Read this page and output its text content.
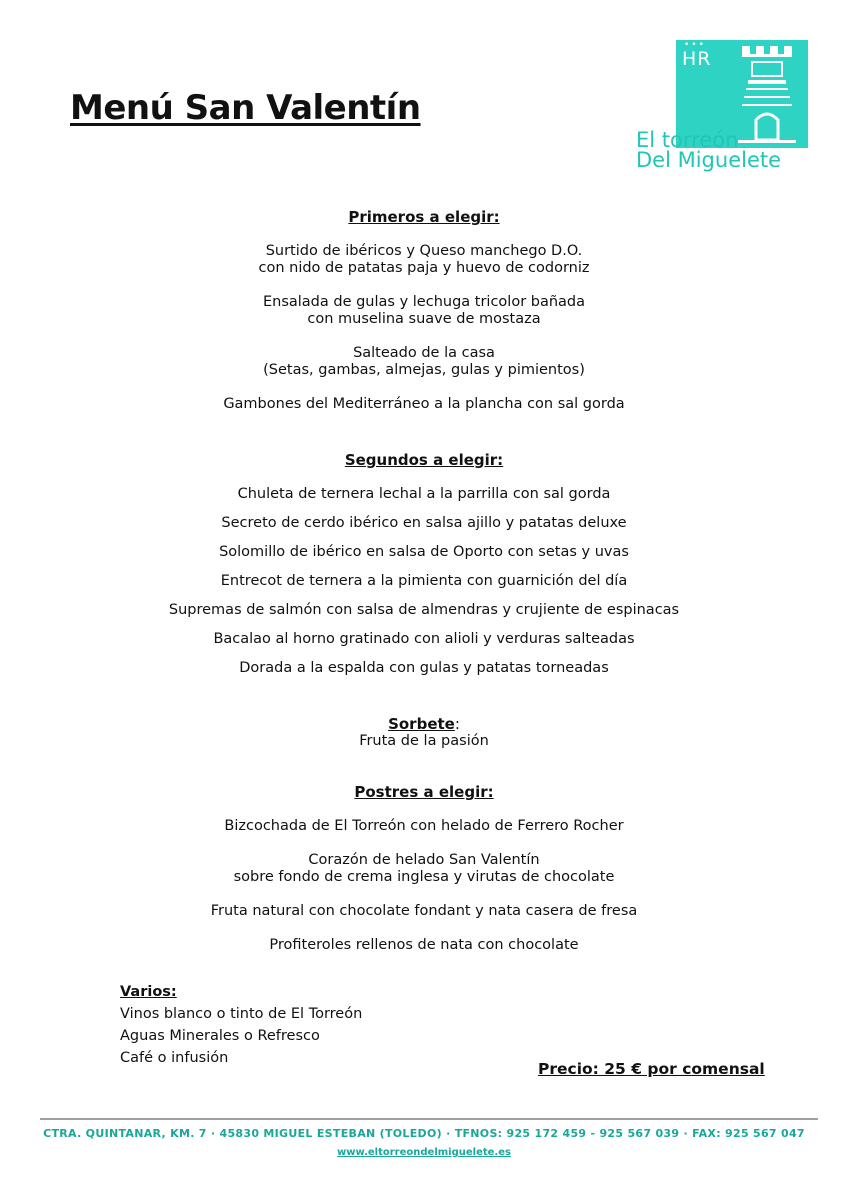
Menú San Valentín
•••
HR
El torreón
Del Miguelete

Primeros a elegir:

Surtido de ibéricos y Queso manchego D.O.

con nido de patatas paja y huevo de codorniz

Ensalada de gulas y lechuga tricolor bañada

con muselina suave de mostaza

Salteado de la casa

(Setas, gambas, almejas, gulas y pimientos)

Gambones del Mediterráneo a la plancha con sal gorda

Segundos a elegir:

Chuleta de ternera lechal a la parrilla con sal gorda

Secreto de cerdo ibérico en salsa ajillo y patatas deluxe

Solomillo de ibérico en salsa de Oporto con setas y uvas

Entrecot de ternera a la pimienta con guarnición del día

Supremas de salmón con salsa de almendras y crujiente de espinacas

Bacalao al horno gratinado con alioli y verduras salteadas

Dorada a la espalda con gulas y patatas torneadas

Sorbete:

Fruta de la pasión

Postres a elegir:

Bizcochada de El Torreón con helado de Ferrero Rocher

Corazón de helado San Valentín

sobre fondo de crema inglesa y virutas de chocolate

Fruta natural con chocolate fondant y nata casera de fresa

Profiteroles rellenos de nata con chocolate

Varios:
Vinos blanco o tinto de El Torreón
Aguas Minerales o Refresco
Café o infusión
Precio: 25 € por comensal
CTRA. QUINTANAR, KM. 7 · 45830 MIGUEL ESTEBAN (TOLEDO) · TFNOS: 925 172 459 - 925 567 039 · FAX: 925 567 047
www.eltorreondelmiguelete.es
